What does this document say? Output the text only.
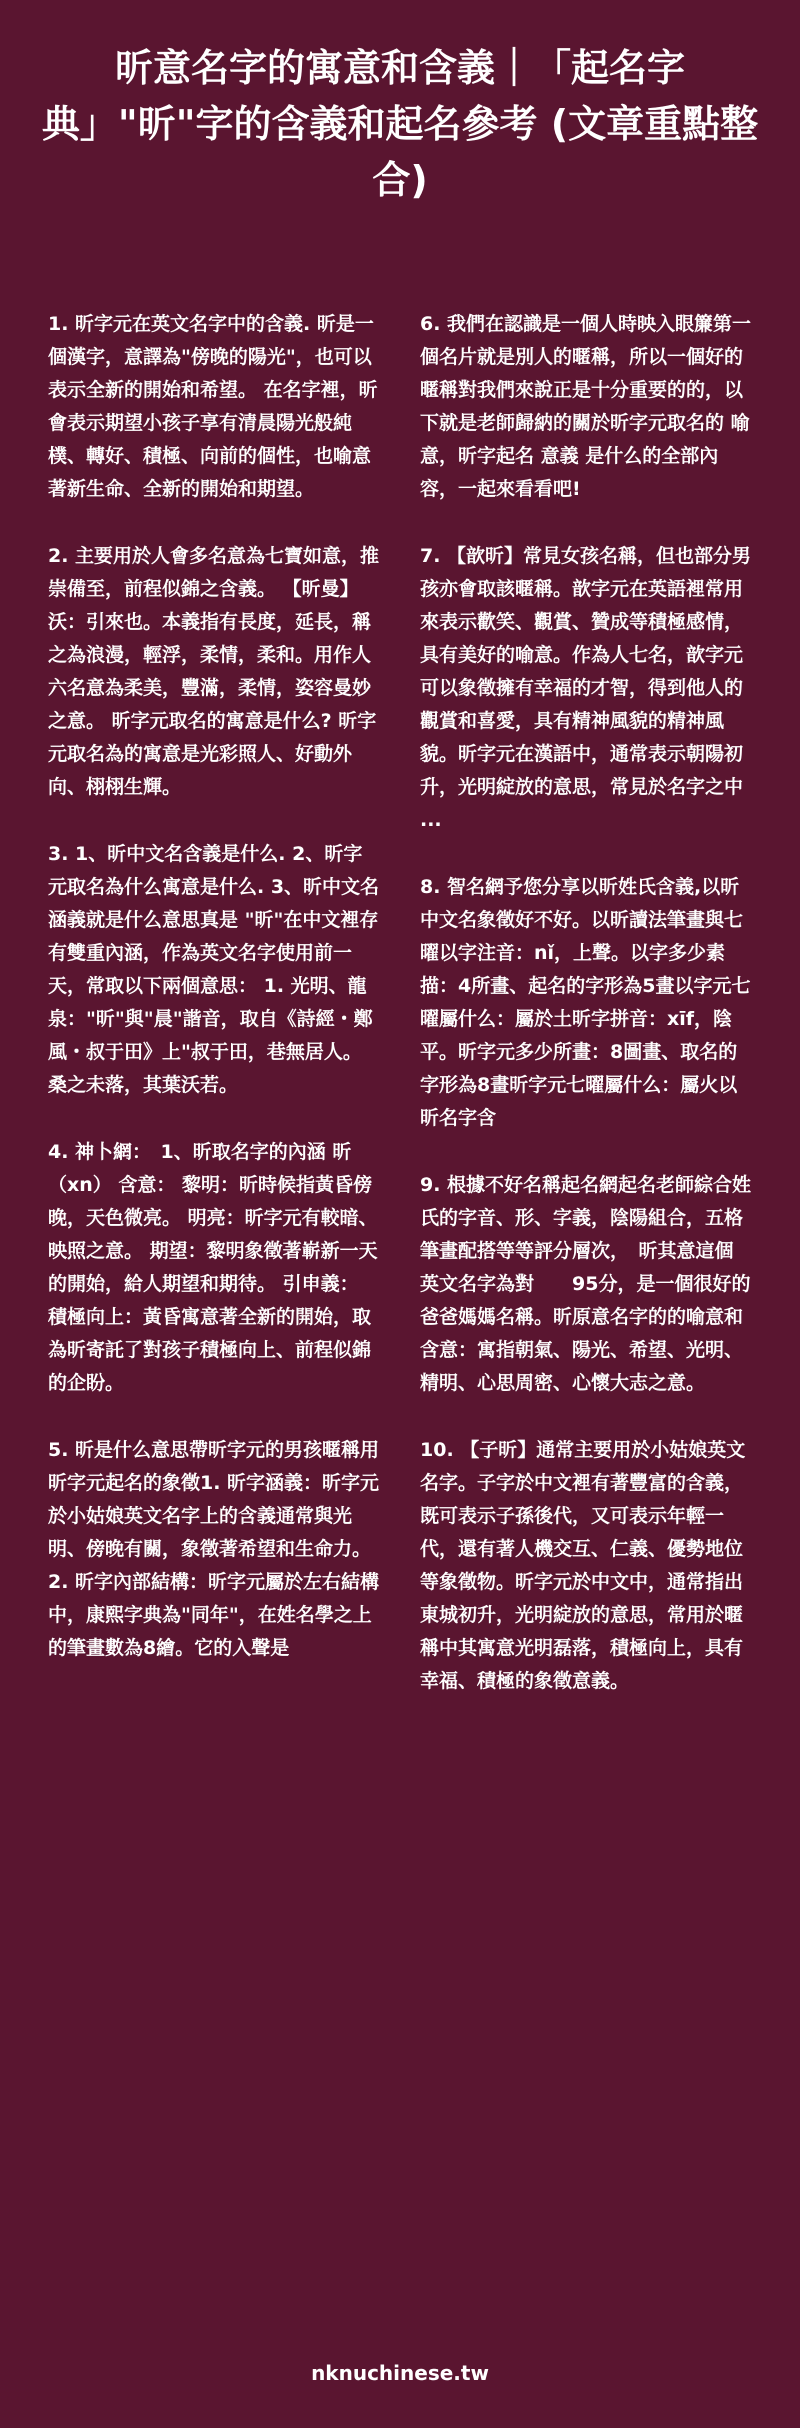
昕意名字的寓意和含義｜「起名字典」"昕"字的含義和起名參考 (文章重點整合)

1. 昕字元在英文名字中的含義. 昕是一個漢字，意譯為"傍晚的陽光"，也可以表示全新的開始和希望。 在名字裡，昕會表示期望小孩子享有清晨陽光般純樸、轉好、積極、向前的個性，也喻意著新生命、全新的開始和期望。

2. 主要用於人會多名意為七寶如意，推崇備至，前程似錦之含義。 【昕曼】 沃：引來也。本義指有長度，延長，稱之為浪漫，輕浮，柔情，柔和。用作人六名意為柔美，豐滿，柔情，姿容曼妙之意。 昕字元取名的寓意是什么? 昕字元取名為的寓意是光彩照人、好動外向、栩栩生輝。

3. 1、昕中文名含義是什么. 2、昕字元取名為什么寓意是什么. 3、昕中文名涵義就是什么意思真是 "昕"在中文裡存有雙重內涵，作為英文名字使用前一天，常取以下兩個意思： 1. 光明、龍泉："昕"與"晨"諧音，取自《詩經・鄭風・叔于田》上"叔于田，巷無居人。桑之未落，其葉沃若。

4. 神卜網：　1、昕取名字的內涵 昕（xn） 含意： 黎明：昕時候指黃昏傍晚，天色微亮。 明亮：昕字元有較暗、映照之意。 期望：黎明象徵著嶄新一天的開始，給人期望和期待。 引申義： 積極向上：黃昏寓意著全新的開始，取為昕寄託了對孩子積極向上、前程似錦的企盼。

5. 昕是什么意思帶昕字元的男孩暱稱用昕字元起名的象徵1. 昕字涵義：昕字元於小姑娘英文名字上的含義通常與光明、傍晚有關，象徵著希望和生命力。2. 昕字內部結構：昕字元屬於左右結構中，康熙字典為"同年"，在姓名學之上的筆畫數為8繪。它的入聲是

6. 我們在認識是一個人時映入眼簾第一個名片就是別人的暱稱，所以一個好的暱稱對我們來說正是十分重要的的，以下就是老師歸納的關於昕字元取名的 喻意，昕字起名 意義 是什么的全部內容，一起來看看吧!

7. 【歆昕】常見女孩名稱，但也部分男孩亦會取該暱稱。歆字元在英語裡常用來表示歡笑、觀賞、贊成等積極感情，具有美好的喻意。作為人七名，歆字元可以象徵擁有幸福的才智，得到他人的觀賞和喜愛，具有精神風貌的精神風貌。昕字元在漢語中，通常表示朝陽初升，光明綻放的意思，常見於名字之中 ...

8. 智名網予您分享以昕姓氏含義,以昕中文名象徵好不好。以昕讀法筆畫與七曜以字注音：nǐ，上聲。以字多少素描：4所畫、起名的字形為5畫以字元七曜屬什么：屬於土昕字拼音：xīf，陰平。昕字元多少所畫：8圖畫、取名的字形為8畫昕字元七曜屬什么：屬火以昕名字含

9. 根據不好名稱起名網起名老師綜合姓氏的字音、形、字義，陰陽組合，五格筆畫配搭等等評分層次，　昕其意這個英文名字為對　　95分，是一個很好的爸爸媽媽名稱。昕原意名字的的喻意和含意：寓指朝氣、陽光、希望、光明、精明、心思周密、心懷大志之意。

10. 【子昕】通常主要用於小姑娘英文名字。子字於中文裡有著豐富的含義，既可表示子孫後代，又可表示年輕一代，還有著人機交互、仁義、優勢地位等象徵物。昕字元於中文中，通常指出東城初升，光明綻放的意思，常用於暱稱中其寓意光明磊落，積極向上，具有幸福、積極的象徵意義。

nknuchinese.tw
